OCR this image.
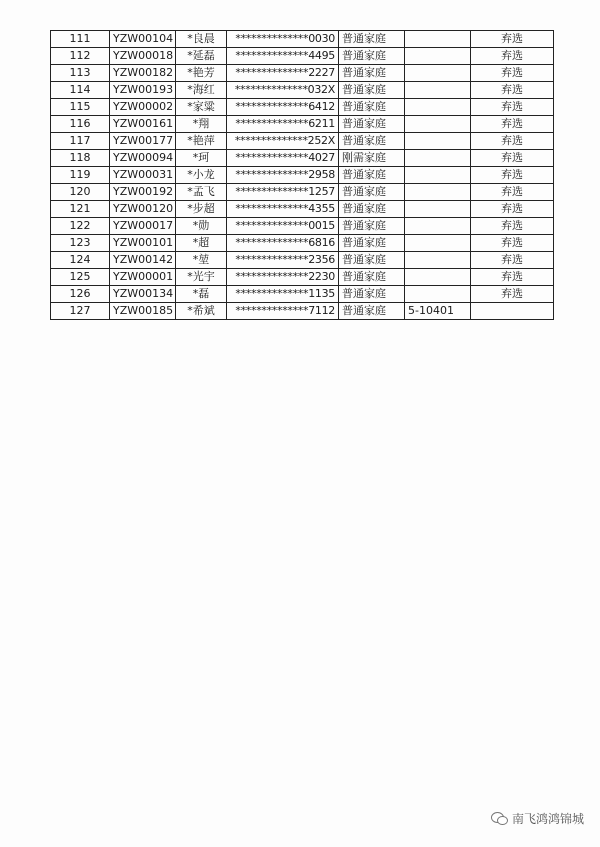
111	YZW00104	*良晨	**************0030	普通家庭		弃选
112	YZW00018	*延磊	**************4495	普通家庭		弃选
113	YZW00182	*艳芳	**************2227	普通家庭		弃选
114	YZW00193	*海红	**************032X	普通家庭		弃选
115	YZW00002	*家粱	**************6412	普通家庭		弃选
116	YZW00161	*翔	**************6211	普通家庭		弃选
117	YZW00177	*艳萍	**************252X	普通家庭		弃选
118	YZW00094	*珂	**************4027	刚需家庭		弃选
119	YZW00031	*小龙	**************2958	普通家庭		弃选
120	YZW00192	*孟飞	**************1257	普通家庭		弃选
121	YZW00120	*步超	**************4355	普通家庭		弃选
122	YZW00017	*勋	**************0015	普通家庭		弃选
123	YZW00101	*超	**************6816	普通家庭		弃选
124	YZW00142	*堃	**************2356	普通家庭		弃选
125	YZW00001	*光宇	**************2230	普通家庭		弃选
126	YZW00134	*磊	**************1135	普通家庭		弃选
127	YZW00185	*希斌	**************7112	普通家庭	5-10401	
南飞鸿鸿锦城
